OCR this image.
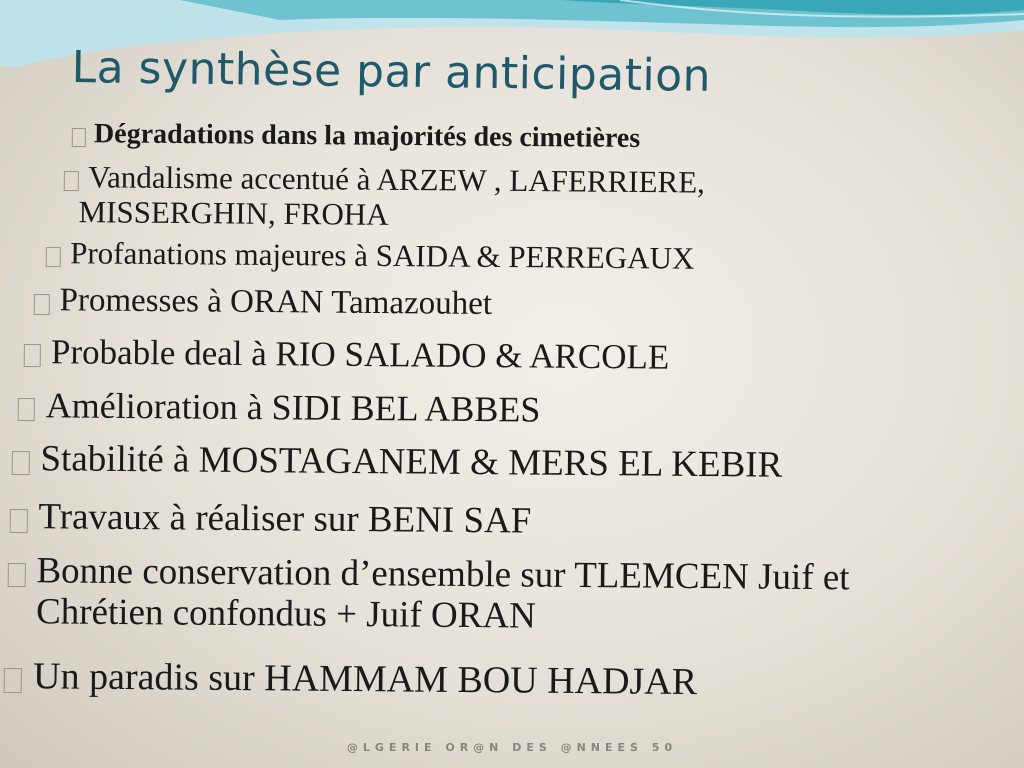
La synthèse par anticipation
Dégradations dans la majorités des cimetières
Vandalisme accentué à ARZEW , LAFERRIERE,
MISSERGHIN, FROHA
Profanations majeures à SAIDA & PERREGAUX
Promesses à ORAN Tamazouhet
Probable deal à RIO SALADO & ARCOLE
Amélioration à SIDI BEL ABBES
Stabilité à MOSTAGANEM & MERS EL KEBIR
Travaux à réaliser sur BENI SAF
Bonne conservation d’ensemble sur TLEMCEN Juif et
Chrétien confondus + Juif ORAN
Un paradis sur HAMMAM BOU HADJAR
@LGERIE OR@N DES @NNEES 50
